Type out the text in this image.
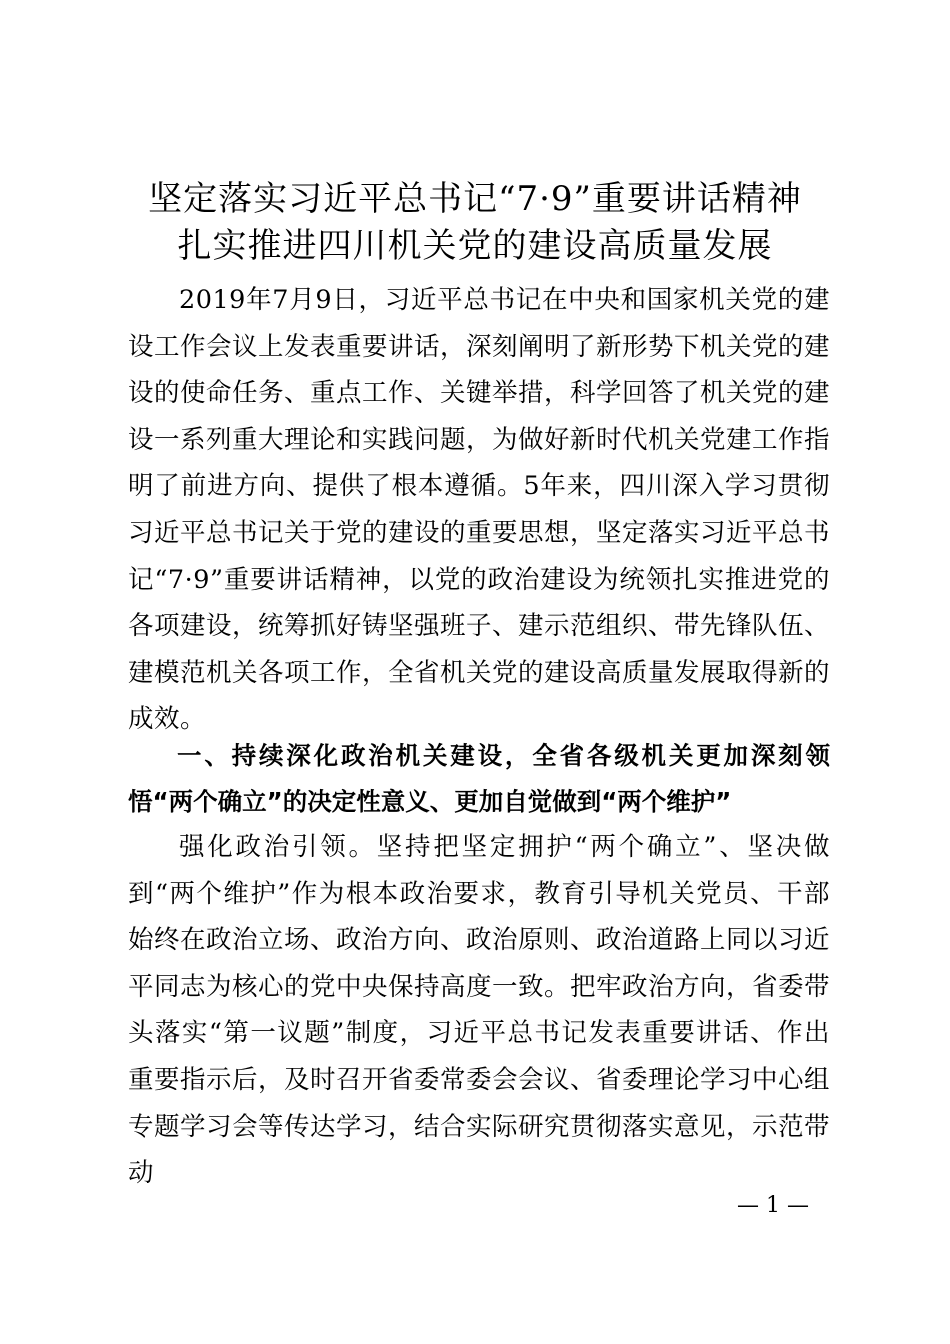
坚定落实习近平总书记“7·9”重要讲话精神
扎实推进四川机关党的建设高质量发展

2019年7月9日，习近平总书记在中央和国家机关党的建设工作会议上发表重要讲话，深刻阐明了新形势下机关党的建设的使命任务、重点工作、关键举措，科学回答了机关党的建设一系列重大理论和实践问题，为做好新时代机关党建工作指明了前进方向、提供了根本遵循。5年来，四川深入学习贯彻习近平总书记关于党的建设的重要思想，坚定落实习近平总书记“7·9”重要讲话精神，以党的政治建设为统领扎实推进党的各项建设，统筹抓好铸坚强班子、建示范组织、带先锋队伍、建模范机关各项工作，全省机关党的建设高质量发展取得新的成效。

一、持续深化政治机关建设，全省各级机关更加深刻领悟“两个确立”的决定性意义、更加自觉做到“两个维护”

强化政治引领。坚持把坚定拥护“两个确立”、坚决做到“两个维护”作为根本政治要求，教育引导机关党员、干部始终在政治立场、政治方向、政治原则、政治道路上同以习近平同志为核心的党中央保持高度一致。把牢政治方向，省委带头落实“第一议题”制度，习近平总书记发表重要讲话、作出重要指示后，及时召开省委常委会会议、省委理论学习中心组专题学习会等传达学习，结合实际研究贯彻落实意见，示范带动

— 1 —
